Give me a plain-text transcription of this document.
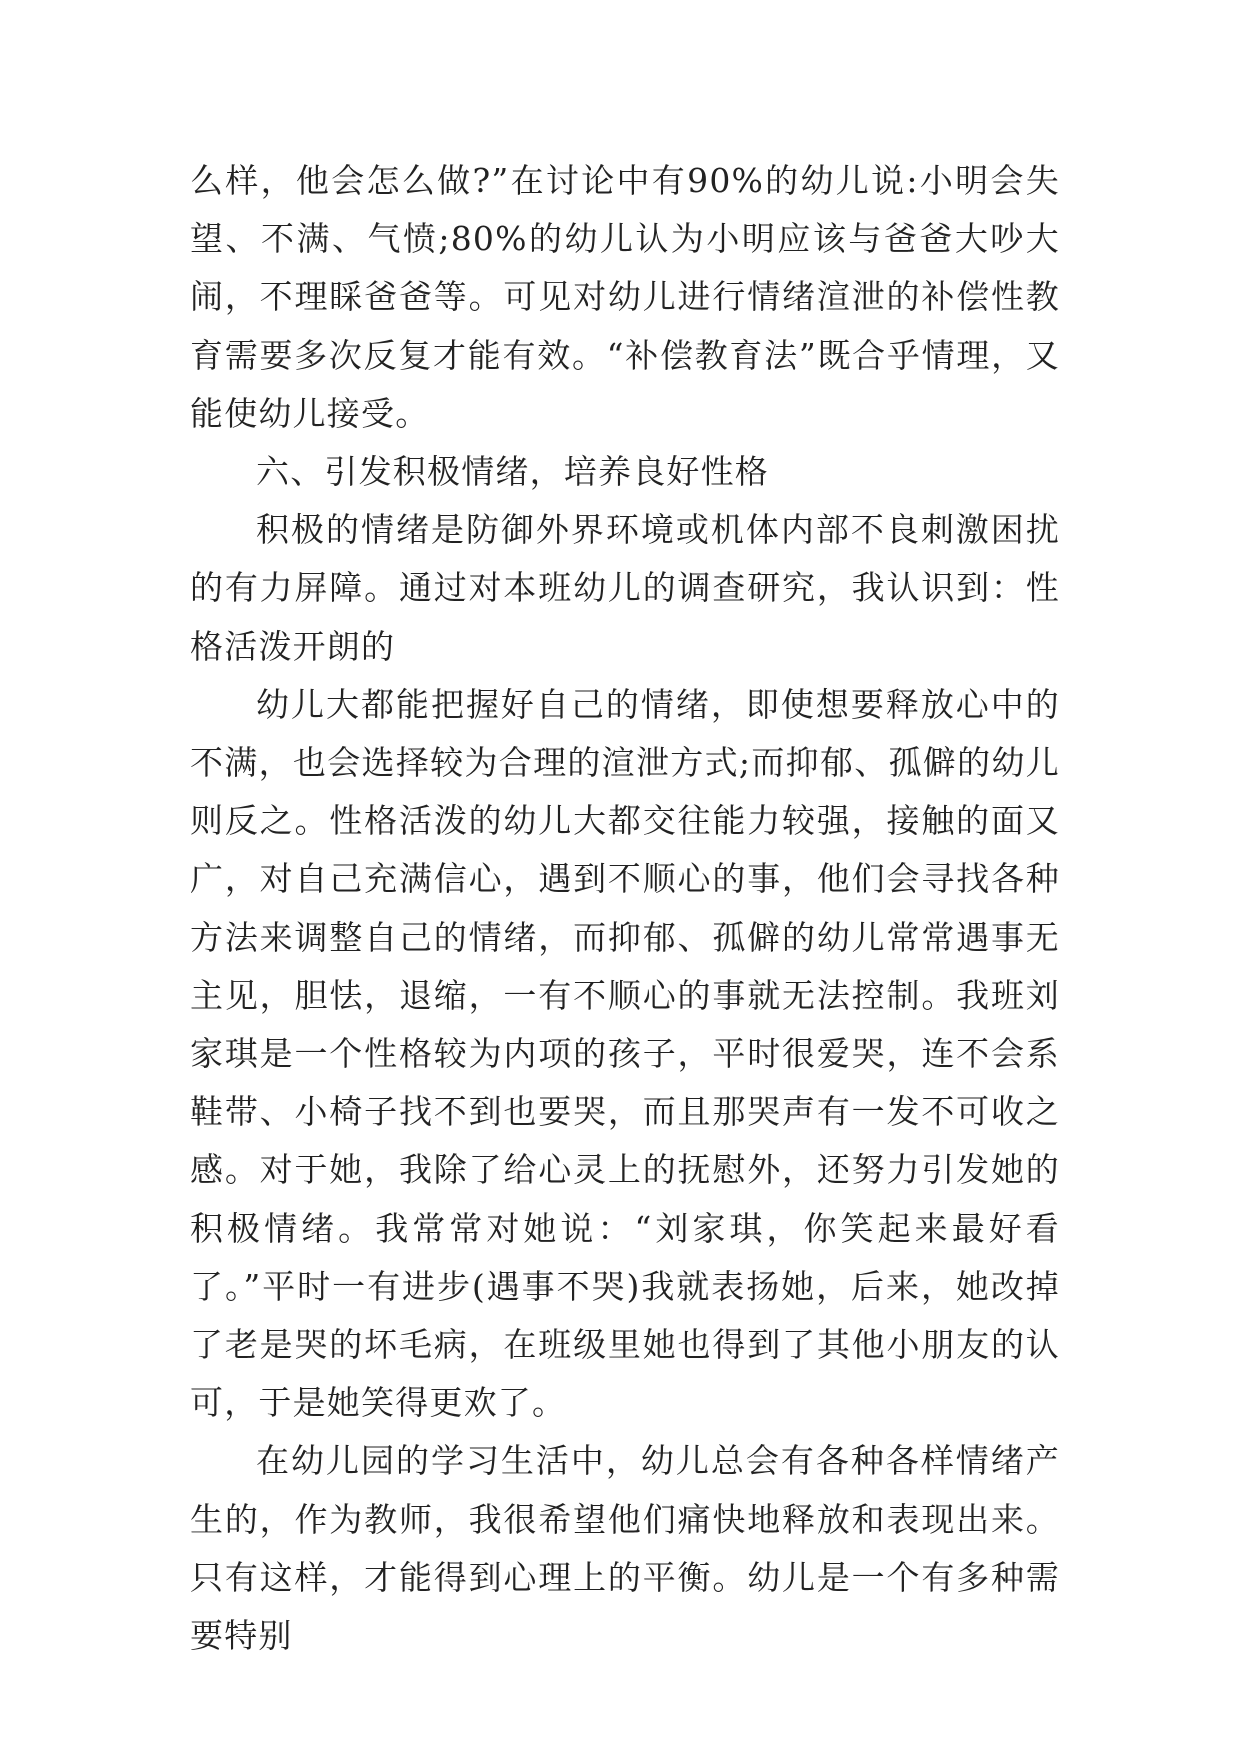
么样，他会怎么做?”在讨论中有90%的幼儿说:小明会失望、不满、气愤;80%的幼儿认为小明应该与爸爸大吵大闹，不理睬爸爸等。可见对幼儿进行情绪渲泄的补偿性教育需要多次反复才能有效。“补偿教育法”既合乎情理，又能使幼儿接受。

六、引发积极情绪，培养良好性格

积极的情绪是防御外界环境或机体内部不良刺激困扰的有力屏障。通过对本班幼儿的调查研究，我认识到：性格活泼开朗的

幼儿大都能把握好自己的情绪，即使想要释放心中的不满，也会选择较为合理的渲泄方式;而抑郁、孤僻的幼儿则反之。性格活泼的幼儿大都交往能力较强，接触的面又广，对自己充满信心，遇到不顺心的事，他们会寻找各种方法来调整自己的情绪，而抑郁、孤僻的幼儿常常遇事无主见，胆怯，退缩，一有不顺心的事就无法控制。我班刘家琪是一个性格较为内项的孩子，平时很爱哭，连不会系鞋带、小椅子找不到也要哭，而且那哭声有一发不可收之感。对于她，我除了给心灵上的抚慰外，还努力引发她的积极情绪。我常常对她说：“刘家琪，你笑起来最好看了。”平时一有进步(遇事不哭)我就表扬她，后来，她改掉了老是哭的坏毛病，在班级里她也得到了其他小朋友的认可，于是她笑得更欢了。

在幼儿园的学习生活中，幼儿总会有各种各样情绪产生的，作为教师，我很希望他们痛快地释放和表现出来。只有这样，才能得到心理上的平衡。幼儿是一个有多种需要特别
